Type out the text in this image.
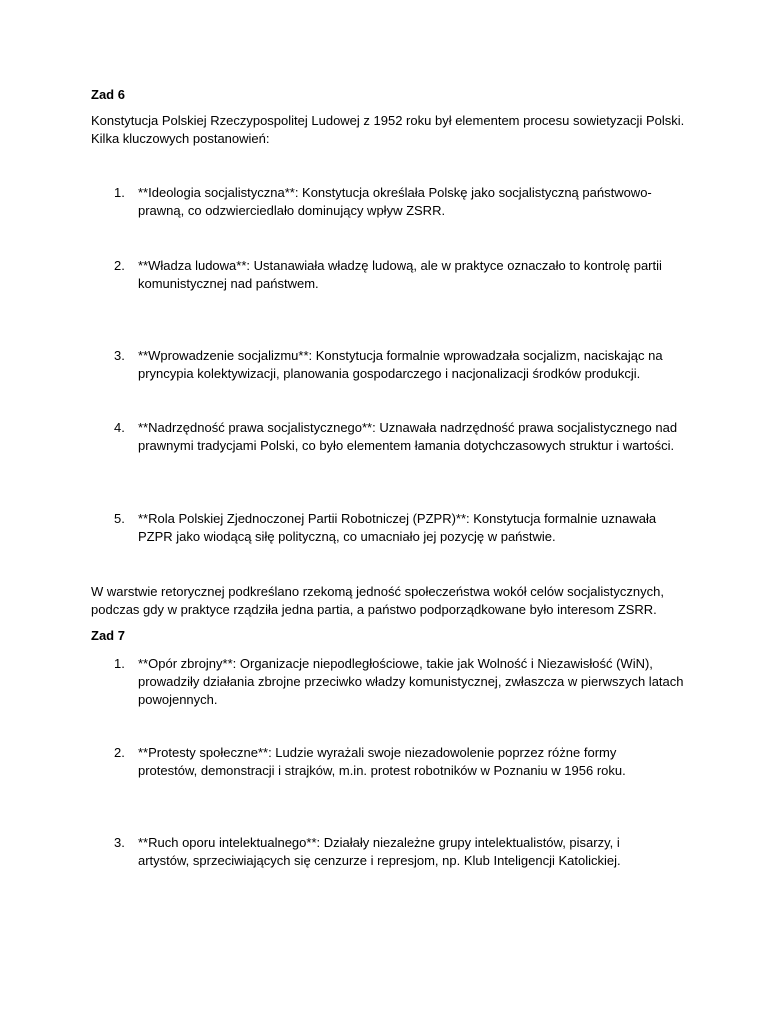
Zad 6
Konstytucja Polskiej Rzeczypospolitej Ludowej z 1952 roku był elementem procesu sowietyzacji Polski.
Kilka kluczowych postanowień:
1. **Ideologia socjalistyczna**: Konstytucja określała Polskę jako socjalistyczną państwowo-
prawną, co odzwierciedlało dominujący wpływ ZSRR.
2. **Władza ludowa**: Ustanawiała władzę ludową, ale w praktyce oznaczało to kontrolę partii
komunistycznej nad państwem.
3. **Wprowadzenie socjalizmu**: Konstytucja formalnie wprowadzała socjalizm, naciskając na
pryncypia kolektywizacji, planowania gospodarczego i nacjonalizacji środków produkcji.
4. **Nadrzędność prawa socjalistycznego**: Uznawała nadrzędność prawa socjalistycznego nad
prawnymi tradycjami Polski, co było elementem łamania dotychczasowych struktur i wartości.
5. **Rola Polskiej Zjednoczonej Partii Robotniczej (PZPR)**: Konstytucja formalnie uznawała
PZPR jako wiodącą siłę polityczną, co umacniało jej pozycję w państwie.
W warstwie retorycznej podkreślano rzekomą jedność społeczeństwa wokół celów socjalistycznych,
podczas gdy w praktyce rządziła jedna partia, a państwo podporządkowane było interesom ZSRR.
Zad 7
1. **Opór zbrojny**: Organizacje niepodległościowe, takie jak Wolność i Niezawisłość (WiN),
prowadziły działania zbrojne przeciwko władzy komunistycznej, zwłaszcza w pierwszych latach
powojennych.
2. **Protesty społeczne**: Ludzie wyrażali swoje niezadowolenie poprzez różne formy
protestów, demonstracji i strajków, m.in. protest robotników w Poznaniu w 1956 roku.
3. **Ruch oporu intelektualnego**: Działały niezależne grupy intelektualistów, pisarzy, i
artystów, sprzeciwiających się cenzurze i represjom, np. Klub Inteligencji Katolickiej.
